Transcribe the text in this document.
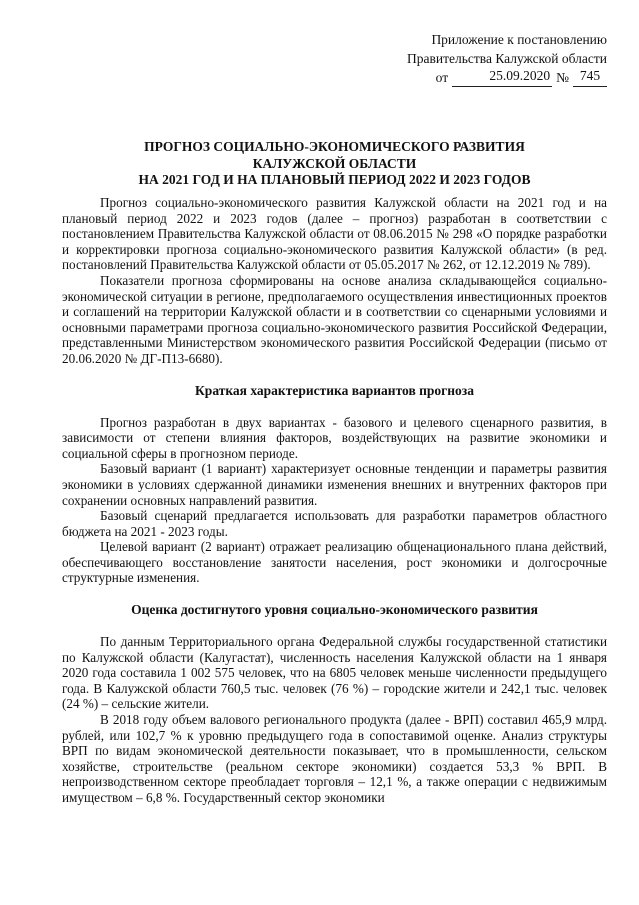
Приложение к постановлению
Правительства Калужской области
от	25.09.2020 № 745
ПРОГНОЗ СОЦИАЛЬНО-ЭКОНОМИЧЕСКОГО РАЗВИТИЯ
КАЛУЖСКОЙ ОБЛАСТИ
НА 2021 ГОД И НА ПЛАНОВЫЙ ПЕРИОД 2022 И 2023 ГОДОВ

Прогноз социально-экономического развития Калужской области на 2021 год и на плановый период 2022 и 2023 годов (далее – прогноз) разработан в соответствии с постановлением Правительства Калужской области от 08.06.2015 № 298 «О порядке разработки и корректировки прогноза социально-экономического развития Калужской области» (в ред. постановлений Правительства Калужской области от 05.05.2017 № 262, от 12.12.2019 № 789).

Показатели прогноза сформированы на основе анализа складывающейся социально-экономической ситуации в регионе, предполагаемого осуществления инвестиционных проектов и соглашений на территории Калужской области и в соответствии со сценарными условиями и основными параметрами прогноза социально-экономического развития Российской Федерации, представленными Министерством экономического развития Российской Федерации (письмо от 20.06.2020 № ДГ-П13-6680).

Краткая характеристика вариантов прогноза

Прогноз разработан в двух вариантах - базового и целевого сценарного развития, в зависимости от степени влияния факторов, воздействующих на развитие экономики и социальной сферы в прогнозном периоде.

Базовый вариант (1 вариант) характеризует основные тенденции и параметры развития экономики в условиях сдержанной динамики изменения внешних и внутренних факторов при сохранении основных направлений развития.

Базовый сценарий предлагается использовать для разработки параметров областного бюджета на 2021 - 2023 годы.

Целевой вариант (2 вариант) отражает реализацию общенационального плана действий, обеспечивающего восстановление занятости населения, рост экономики и долгосрочные структурные изменения.

Оценка достигнутого уровня социально-экономического развития

По данным Территориального органа Федеральной службы государственной статистики по Калужской области (Калугастат), численность населения Калужской области на 1 января 2020 года составила 1 002 575 человек, что на 6805 человек меньше численности предыдущего года. В Калужской области 760,5 тыс. человек (76 %) – городские жители и 242,1 тыс. человек (24 %) – сельские жители.

В 2018 году объем валового регионального продукта (далее - ВРП) составил 465,9 млрд. рублей, или 102,7 % к уровню предыдущего года в сопоставимой оценке. Анализ структуры ВРП по видам экономической деятельности показывает, что в промышленности, сельском хозяйстве, строительстве (реальном секторе экономики) создается 53,3 % ВРП. В непроизводственном секторе преобладает торговля – 12,1 %, а также операции с недвижимым имуществом – 6,8 %. Государственный сектор экономики
